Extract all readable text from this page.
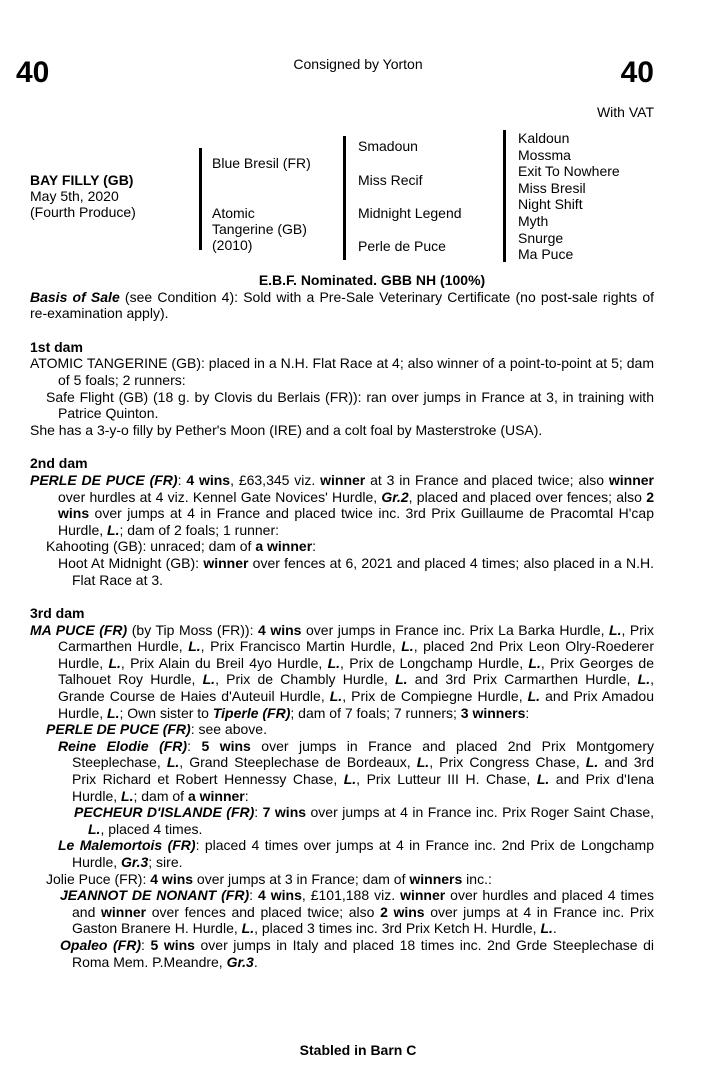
40	Consigned by Yorton	40
With VAT
BAY FILLY (GB)
May 5th, 2020
(Fourth Produce)
Blue Bresil (FR)
Atomic
Tangerine (GB)
(2010)
Smadoun
Miss Recif
Midnight Legend
Perle de Puce
Kaldoun
Mossma
Exit To Nowhere
Miss Bresil
Night Shift
Myth
Snurge
Ma Puce

E.B.F. Nominated. GBB NH (100%)

Basis of Sale (see Condition 4): Sold with a Pre-Sale Veterinary Certificate (no post-sale rights of re-examination apply).

1st dam

ATOMIC TANGERINE (GB): placed in a N.H. Flat Race at 4; also winner of a point-to-point at 5; dam of 5 foals; 2 runners:

Safe Flight (GB) (18 g. by Clovis du Berlais (FR)): ran over jumps in France at 3, in training with Patrice Quinton.

She has a 3-y-o filly by Pether's Moon (IRE) and a colt foal by Masterstroke (USA).

2nd dam

PERLE DE PUCE (FR): 4 wins, £63,345 viz. winner at 3 in France and placed twice; also winner over hurdles at 4 viz. Kennel Gate Novices' Hurdle, Gr.2, placed and placed over fences; also 2 wins over jumps at 4 in France and placed twice inc. 3rd Prix Guillaume de Pracomtal H'cap Hurdle, L.; dam of 2 foals; 1 runner:

Kahooting (GB): unraced; dam of a winner:

Hoot At Midnight (GB): winner over fences at 6, 2021 and placed 4 times; also placed in a N.H. Flat Race at 3.

3rd dam

MA PUCE (FR) (by Tip Moss (FR)): 4 wins over jumps in France inc. Prix La Barka Hurdle, L., Prix Carmarthen Hurdle, L., Prix Francisco Martin Hurdle, L., placed 2nd Prix Leon Olry-Roederer Hurdle, L., Prix Alain du Breil 4yo Hurdle, L., Prix de Longchamp Hurdle, L., Prix Georges de Talhouet Roy Hurdle, L., Prix de Chambly Hurdle, L. and 3rd Prix Carmarthen Hurdle, L., Grande Course de Haies d'Auteuil Hurdle, L., Prix de Compiegne Hurdle, L. and Prix Amadou Hurdle, L.; Own sister to Tiperle (FR); dam of 7 foals; 7 runners; 3 winners:

PERLE DE PUCE (FR): see above.

Reine Elodie (FR): 5 wins over jumps in France and placed 2nd Prix Montgomery Steeplechase, L., Grand Steeplechase de Bordeaux, L., Prix Congress Chase, L. and 3rd Prix Richard et Robert Hennessy Chase, L., Prix Lutteur III H. Chase, L. and Prix d'Iena Hurdle, L.; dam of a winner:

PECHEUR D'ISLANDE (FR): 7 wins over jumps at 4 in France inc. Prix Roger Saint Chase, L., placed 4 times.

Le Malemortois (FR): placed 4 times over jumps at 4 in France inc. 2nd Prix de Longchamp Hurdle, Gr.3; sire.

Jolie Puce (FR): 4 wins over jumps at 3 in France; dam of winners inc.:

JEANNOT DE NONANT (FR): 4 wins, £101,188 viz. winner over hurdles and placed 4 times and winner over fences and placed twice; also 2 wins over jumps at 4 in France inc. Prix Gaston Branere H. Hurdle, L., placed 3 times inc. 3rd Prix Ketch H. Hurdle, L..

Opaleo (FR): 5 wins over jumps in Italy and placed 18 times inc. 2nd Grde Steeplechase di Roma Mem. P.Meandre, Gr.3.

Stabled in Barn C
